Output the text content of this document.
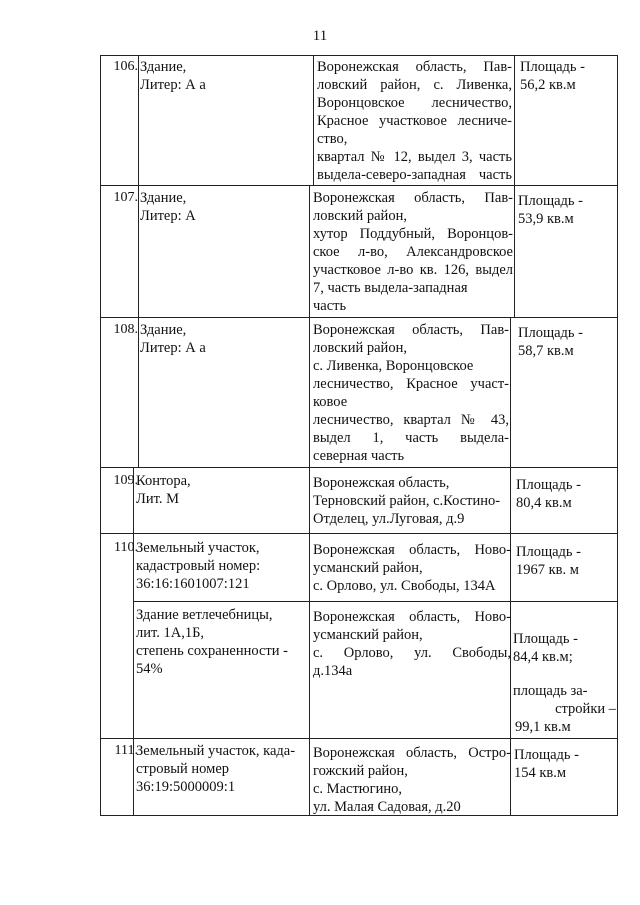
11
106. Здание,
Литер: А а
Воронежская область, Пав-
ловский район, с. Ливенка,
Воронцовское лесничество,
Красное участковое лесниче-
ство,
квартал № 12, выдел 3, часть
выдела-северо-западная часть
Площадь -
56,2 кв.м
107. Здание,
Литер: А
Воронежская область, Пав-
ловский район,
хутор Поддубный, Воронцов-
ское л-во, Александровское
участковое л-во кв. 126, выдел
7, часть выдела-западная
часть
Площадь -
53,9 кв.м
108. Здание,
Литер: А а
Воронежская область, Пав-
ловский район,
с. Ливенка, Воронцовское
лесничество, Красное участ-
ковое
лесничество, квартал № 43,
выдел 1, часть выдела-
северная часть
Площадь -
58,7 кв.м
109.
Контора,
Лит. М
Воронежская область,
Терновский район, с.Костино-
Отделец, ул.Луговая, д.9
Площадь -
80,4 кв.м
110.
Земельный участок,
кадастровый номер:
36:16:1601007:121
Воронежская область, Ново-
усманский район,
с. Орлово, ул. Свободы, 134А
Площадь -
1967 кв. м
Здание ветлечебницы,
лит. 1А,1Б,
степень сохраненности -
54%
Воронежская область, Ново-
усманский район,
с. Орлово, ул. Свободы,
д.134а
Площадь -
84,4 кв.м;
площадь за-
стройки –
99,1 кв.м
111.
Земельный участок, када-
стровый номер
36:19:5000009:1
Воронежская область, Остро-
гожский район,
с. Мастюгино,
ул. Малая Садовая, д.20
Площадь -
154 кв.м
